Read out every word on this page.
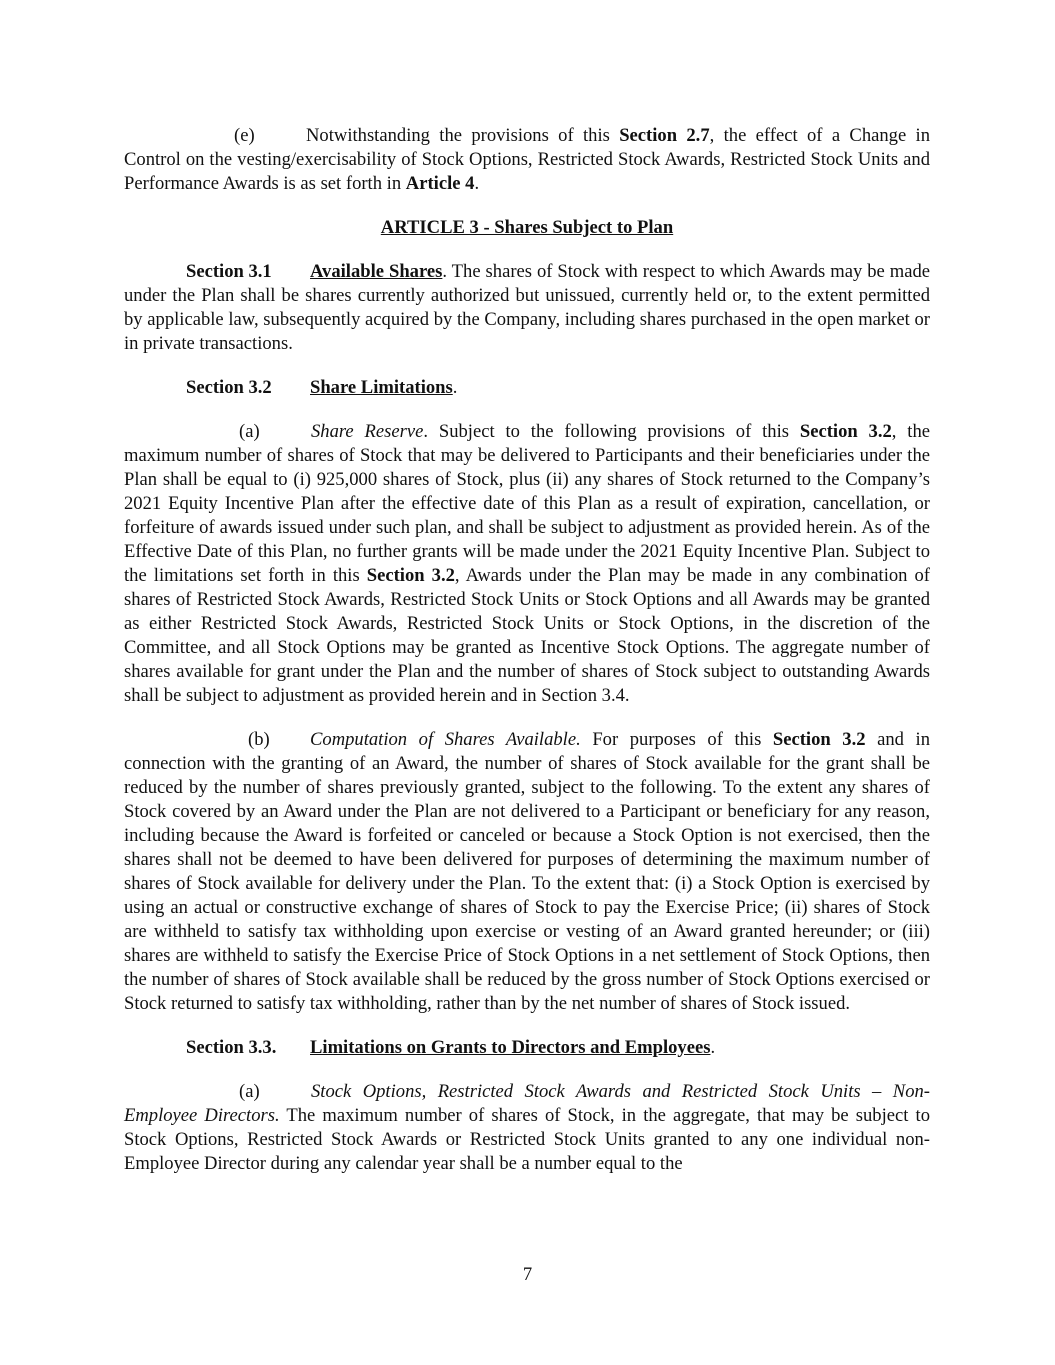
(e)	Notwithstanding the provisions of this Section 2.7, the effect of a Change in Control on the vesting/exercisability of Stock Options, Restricted Stock Awards, Restricted Stock Units and Performance Awards is as set forth in Article 4.

ARTICLE 3 - Shares Subject to Plan

Section 3.1 Available Shares. The shares of Stock with respect to which Awards may be made under the Plan shall be shares currently authorized but unissued, currently held or, to the extent permitted by applicable law, subsequently acquired by the Company, including shares purchased in the open market or in private transactions.

Section 3.2 Share Limitations.

(a)	Share Reserve. Subject to the following provisions of this Section 3.2, the maximum number of shares of Stock that may be delivered to Participants and their beneficiaries under the Plan shall be equal to (i) 925,000 shares of Stock, plus (ii) any shares of Stock returned to the Company’s 2021 Equity Incentive Plan after the effective date of this Plan as a result of expiration, cancellation, or forfeiture of awards issued under such plan, and shall be subject to adjustment as provided herein. As of the Effective Date of this Plan, no further grants will be made under the 2021 Equity Incentive Plan. Subject to the limitations set forth in this Section 3.2, Awards under the Plan may be made in any combination of shares of Restricted Stock Awards, Restricted Stock Units or Stock Options and all Awards may be granted as either Restricted Stock Awards, Restricted Stock Units or Stock Options, in the discretion of the Committee, and all Stock Options may be granted as Incentive Stock Options. The aggregate number of shares available for grant under the Plan and the number of shares of Stock subject to outstanding Awards shall be subject to adjustment as provided herein and in Section 3.4.

(b) Computation of Shares Available. For purposes of this Section 3.2 and in connection with the granting of an Award, the number of shares of Stock available for the grant shall be reduced by the number of shares previously granted, subject to the following. To the extent any shares of Stock covered by an Award under the Plan are not delivered to a Participant or beneficiary for any reason, including because the Award is forfeited or canceled or because a Stock Option is not exercised, then the shares shall not be deemed to have been delivered for purposes of determining the maximum number of shares of Stock available for delivery under the Plan. To the extent that: (i) a Stock Option is exercised by using an actual or constructive exchange of shares of Stock to pay the Exercise Price; (ii) shares of Stock are withheld to satisfy tax withholding upon exercise or vesting of an Award granted hereunder; or (iii) shares are withheld to satisfy the Exercise Price of Stock Options in a net settlement of Stock Options, then the number of shares of Stock available shall be reduced by the gross number of Stock Options exercised or Stock returned to satisfy tax withholding, rather than by the net number of shares of Stock issued.

Section 3.3. Limitations on Grants to Directors and Employees.

(a)	Stock Options, Restricted Stock Awards and Restricted Stock Units – Non-Employee Directors. The maximum number of shares of Stock, in the aggregate, that may be subject to Stock Options, Restricted Stock Awards or Restricted Stock Units granted to any one individual non-Employee Director during any calendar year shall be a number equal to the

7
